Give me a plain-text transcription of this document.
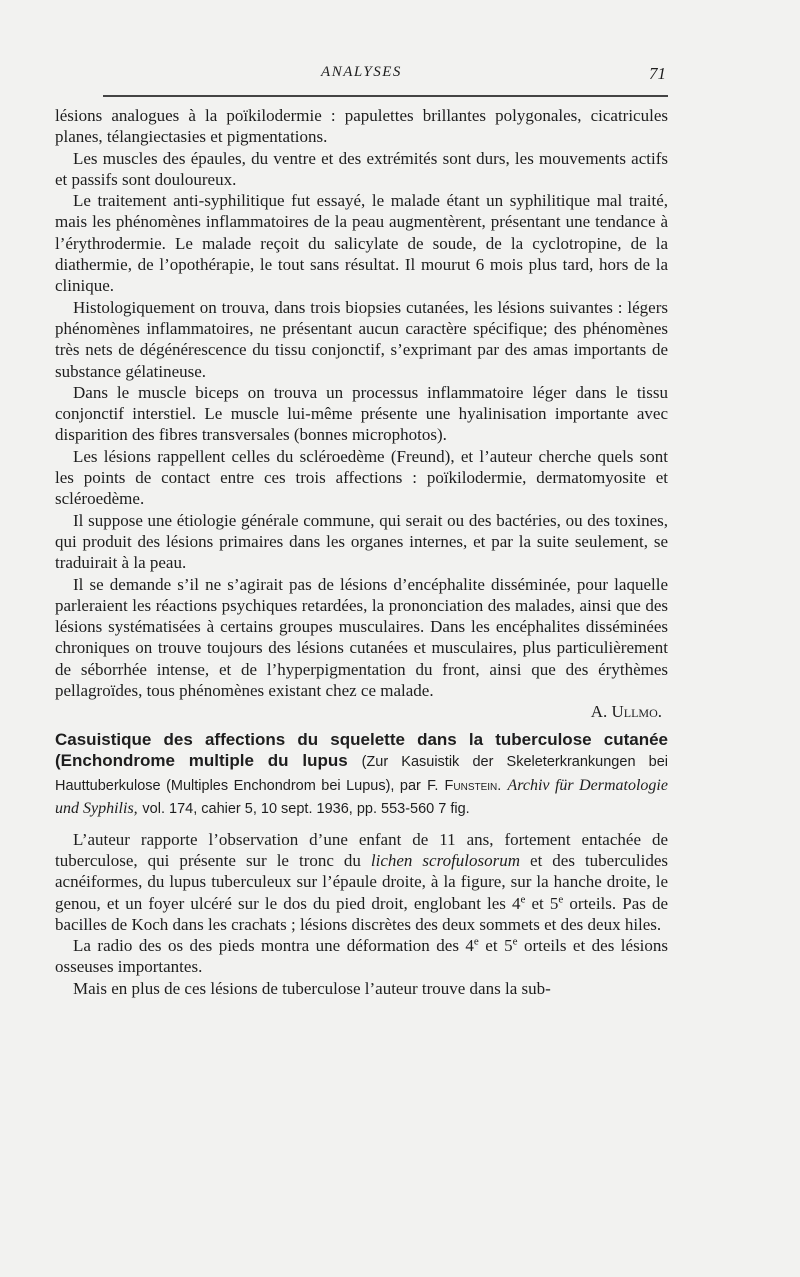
ANALYSES	71

lésions analogues à la poïkilodermie : papulettes brillantes polygonales, cicatricules planes, télangiectasies et pigmentations.

Les muscles des épaules, du ventre et des extrémités sont durs, les mouvements actifs et passifs sont douloureux.

Le traitement anti-syphilitique fut essayé, le malade étant un syphilitique mal traité, mais les phénomènes inflammatoires de la peau augmentèrent, présentant une tendance à l’érythrodermie. Le malade reçoit du salicylate de soude, de la cyclotropine, de la diathermie, de l’opothérapie, le tout sans résultat. Il mourut 6 mois plus tard, hors de la clinique.

Histologiquement on trouva, dans trois biopsies cutanées, les lésions suivantes : légers phénomènes inflammatoires, ne présentant aucun caractère spécifique; des phénomènes très nets de dégénérescence du tissu conjonctif, s’exprimant par des amas importants de substance gélatineuse.

Dans le muscle biceps on trouva un processus inflammatoire léger dans le tissu conjonctif interstiel. Le muscle lui-même présente une hyalinisation importante avec disparition des fibres transversales (bonnes microphotos).

Les lésions rappellent celles du scléroedème (Freund), et l’auteur cherche quels sont les points de contact entre ces trois affections : poïkilodermie, dermatomyosite et scléroedème.

Il suppose une étiologie générale commune, qui serait ou des bactéries, ou des toxines, qui produit des lésions primaires dans les organes internes, et par la suite seulement, se traduirait à la peau.

Il se demande s’il ne s’agirait pas de lésions d’encéphalite disséminée, pour laquelle parleraient les réactions psychiques retardées, la prononciation des malades, ainsi que des lésions systématisées à certains groupes musculaires. Dans les encéphalites disséminées chroniques on trouve toujours des lésions cutanées et musculaires, plus particulièrement de séborrhée intense, et de l’hyperpigmentation du front, ainsi que des érythèmes pellagroïdes, tous phénomènes existant chez ce malade.

A. Ullmo.

Casuistique des affections du squelette dans la tuberculose cutanée (Enchondrome multiple du lupus (Zur Kasuistik der Skeleterkrankungen bei Hauttuberkulose (Multiples Enchondrom bei Lupus), par F. Funstein. Archiv für Dermatologie und Syphilis, vol. 174, cahier 5, 10 sept. 1936, pp. 553-560 7 fig.

L’auteur rapporte l’observation d’une enfant de 11 ans, fortement entachée de tuberculose, qui présente sur le tronc du lichen scrofulosorum et des tuberculides acnéiformes, du lupus tuberculeux sur l’épaule droite, à la figure, sur la hanche droite, le genou, et un foyer ulcéré sur le dos du pied droit, englobant les 4e et 5e orteils. Pas de bacilles de Koch dans les crachats ; lésions discrètes des deux sommets et des deux hiles.

La radio des os des pieds montra une déformation des 4e et 5e orteils et des lésions osseuses importantes.

Mais en plus de ces lésions de tuberculose l’auteur trouve dans la sub-
